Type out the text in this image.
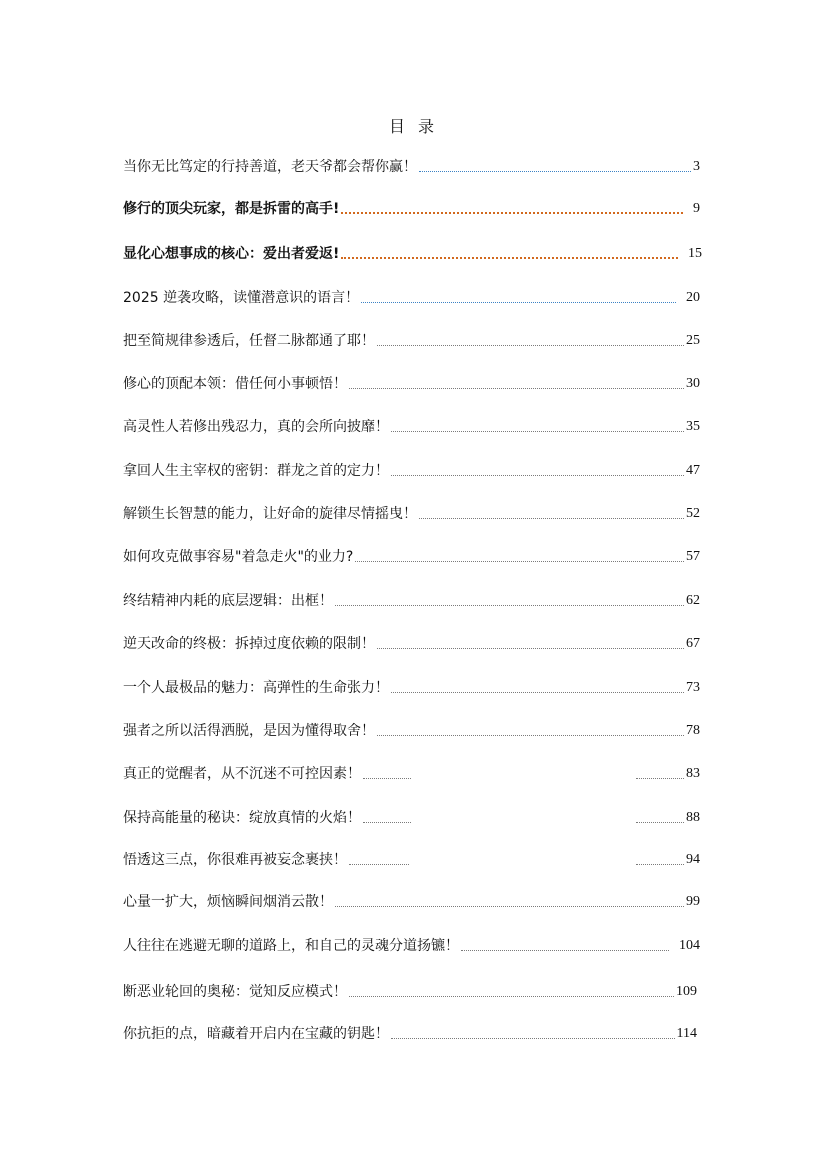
目 录
当你无比笃定的行持善道，老天爷都会帮你赢！	3
修行的顶尖玩家，都是拆雷的高手!	9
显化心想事成的核心：爱出者爱返!	15
2025 逆袭攻略，读懂潜意识的语言！	20
把至简规律参透后，任督二脉都通了耶！	25
修心的顶配本领：借任何小事顿悟！	30
高灵性人若修出残忍力，真的会所向披靡！	35
拿回人生主宰权的密钥：群龙之首的定力！	47
解锁生长智慧的能力，让好命的旋律尽情摇曳！	52
如何攻克做事容易"着急走火"的业力?	57
终结精神内耗的底层逻辑：出框！	62
逆天改命的终极：拆掉过度依赖的限制！	67
一个人最极品的魅力：高弹性的生命张力！	73
强者之所以活得洒脱，是因为懂得取舍！	78
真正的觉醒者，从不沉迷不可控因素！	83
保持高能量的秘诀：绽放真情的火焰！	88
悟透这三点，你很难再被妄念裹挟！	94
心量一扩大，烦恼瞬间烟消云散！	99
人往往在逃避无聊的道路上，和自己的灵魂分道扬镳！	104
断恶业轮回的奥秘：觉知反应模式！	109
你抗拒的点，暗藏着开启内在宝藏的钥匙！	114
